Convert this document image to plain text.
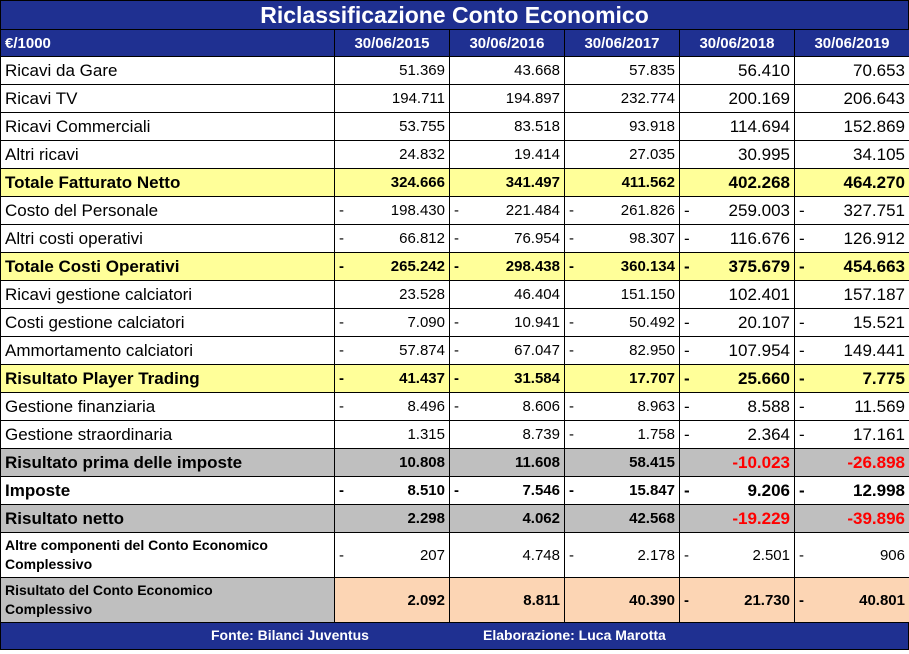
Riclassificazione Conto Economico
€/1000	30/06/2015	30/06/2016	30/06/2017	30/06/2018	30/06/2019
Ricavi da Gare	51.369	43.668	57.835	56.410	70.653

Ricavi TV	194.711	194.897	232.774	200.169	206.643

Ricavi Commerciali	53.755	83.518	93.918	114.694	152.869

Altri ricavi	24.832	19.414	27.035	30.995	34.105

Totale Fatturato Netto	324.666	341.497	411.562	402.268	464.270

Costo del Personale	- 198.430	- 221.484	- 261.826	- 259.003	- 327.751

Altri costi operativi	- 66.812	- 76.954	- 98.307	- 116.676	- 126.912

Totale Costi Operativi	- 265.242	- 298.438	- 360.134	- 375.679	- 454.663

Ricavi gestione calciatori	23.528	46.404	151.150	102.401	157.187

Costi gestione calciatori	- 7.090	- 10.941	- 50.492	- 20.107	- 15.521

Ammortamento calciatori	- 57.874	- 67.047	- 82.950	- 107.954	- 149.441

Risultato Player Trading	- 41.437	- 31.584	17.707	- 25.660	- 7.775

Gestione finanziaria	- 8.496	- 8.606	- 8.963	- 8.588	- 11.569

Gestione straordinaria	1.315	8.739	- 1.758	- 2.364	- 17.161

Risultato prima delle imposte	10.808	11.608	58.415	-10.023	-26.898

Imposte	- 8.510	- 7.546	- 15.847	- 9.206	- 12.998

Risultato netto	2.298	4.062	42.568	-19.229	-39.896

Altre componenti del Conto Economico
Complessivo	- 207	4.748	- 2.178	- 2.501	- 906

Risultato del Conto Economico
Complessivo	2.092	8.811	40.390	- 21.730	- 40.801
Fonte: Bilanci Juventus	Elaborazione: Luca Marotta
